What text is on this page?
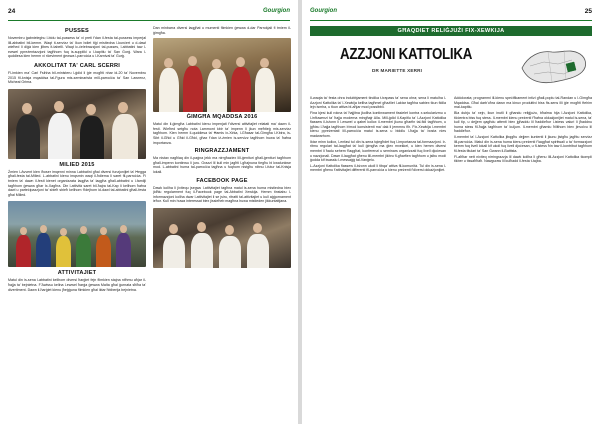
24	Gourgion
PUSSES

Novembru ġabnieleghu l-bidu tal-pussess ta' xi preti f'dan il-festa tal-pussess imperjal lill-abbatini bil-kemm. Waqt it-servizz ta' Ikun bdiet tiġi mistiedna l-kunċert u d-dawl wieħed li diġà kien jilbes it-tabelli. Waqt ic-ċelebrazzjoni tal-pusses, l-abbatini taw l-ewwel ppreżentazzjoni tagħhom fuq is-suppliki u l-kapitlu ta' San Ġorġ. Wara l-quddiesa kien hemm xi riċeviment ġewwa l-parroċċa u l-Karnival ta' Ġurġ.

AKKOLITAT TA' CARL SCERRI

Fl-imkien ma' Carl Fsihha bil-ministeru l-ġdid li ġie mogħti nhar id-20 ta' Novembru 2015 fil-knisja mqaddsa tal-Fgura mis-seminarista mill-parroċċa ta' San Lawrenz, Micheal Grima.

MILIED 2015

Żmien l-Avvent kien iħoser imqenni minna l-abbatini għal diversi funzjonijiet ta' Ħegga għall-festa tal-Milied. L-abbatini kienu imqsmin waqt il-ħdiema li saret fil-parroċċa. Fi tmiem ta' dawn il-festi kienet organizzata laqgħa ta' laqgħa għall-abbatini u l-familji tagħhom ġewwa għar Ix-Xagħra. Din l-attività saret bil-ħajra tal-Kap li kellhom ħafna dawl u parteċipazzjoni ta' sbieħ sbieħ kellhom f'idejhom id-dawl tal-abbatini għall-festa għal Milied.

ATTIVITAJIET

Matul din is-sena l-abbatini kellhom diversi ħarġiet fejn flimkien stajna nifhmu aħjar il-ħajja ta' bejnietna. F'Awissu kellna l-ewwel ħarġa ġewwa Malta għal ġurnata sħiħa ta' divertiment. Dawn il-ħarġiet kienu jħeġġuna flimkien għal iktar ħbiberija bejnietna.

Dan minbarra diversi laqgħat u mumenti flimkien ġewwa d-dar Parrokjali fi tmiem il-ġimgħa.

ĠIMGĦA MQADDSA 2016

Matul din il-ġimgħa l-abbatini kienu impenjati f'diversi attivitajiet relatati ma' dawn il-festi. Wieħed setgħu nota l-ammont kbir ta' impenn li jkun meħtieġ mis-servizz tagħhom. Kien hemm il-quddiesa ta' Ħamis ix-Xirka, l-Għasar tal-Ġimgħa l-Kbira, is-Sibt il-Għid u Għid il-Għid, għax f'dan iż-żmien is-servizz tagħhom huwa ta' ħafna importanza.

RINGRAZZJAMENT

Ma nistax nagħlaq din il-paġna jekk ma nirrgħaziex lill-ġenituri għall-ġenituri tagħhom għall-impenn kontinwu li juru. Grazzi lil kull min jagħti l-għajnuna tiegħu bi kwalunkwe mod. L-abbatini huma tal-parroċċa tagħna u fuqhom nistgħu nibnu l-futur tal-Knisja lokali.

FACEBOOK PAGE

Dawk kollha li jixtiequ jsegwu l-attivitajiet tagħna matul is-sena huma mistiedna biex jidħlu regolarment fuq il-Facebook page tal-Abbatini Xewkija. Hemm tinstabu l-informazzjoni kollha dwar l-attivitajiet li se jsiru, ritratti tal-attivitajiet u kull aġġornament ieħor. Kull min huwa interessat biex jissieħeb magħna huwa mistieden jikkuntattjana.

Gourgion	25
GĦAQDIET RELIĠJUŻI FIX-XEWKIJA
AZZJONI KATTOLIKA
DR MARIETTE XERRI

Il-waqta ta' festa ohra indubbjament tindika t-trapass ta' sena ohra; sena li matulha l-Azzjoni Kattolika ta' l-Xewkija kellha tagħmel għażliet l-aktar tagħha sabiex tkun fidila lejn ismha, u tkun attiva bl-aħjar mod possibbli.

Fina kjesi kull rokna ta' ħajjitna jkollha kontinwament tissielet kontra x-sekularizmu u l-influwenzi ta' ħajja moderna mingħajr Alla. Mill-ġdid il-Kapitlu ta' l-Azzjoni Kattolika flassew il-bżonn li l-ewwel u qabel kollox il-membri jkunu għarfin tal-fidi tagħhom, u jgħixu l-ħajja tagħhom b'mod konsistenti ma' dak li jemmnu fih. Fix-Xewkija l-membri kienu ppreżentati lill-parroċċa matul is-sena u biddlu l-ħajja ta' bosta nies madwarhom.

Iktar minn kollox, l-enfasi tul din is-sena tqiegħdet fuq l-importanza tal-formazzjoni. Ir-ritmu regolari tal-laqgħat ta' kull ġimgħa ma ġiex mxekkel, u kien hemm diversi membri li ħadu sehem f'laqgħat, konferenzi u seminars organizzati fuq livell djoċesan u nazzjonali. Dawn il-laqgħat għenu lill-membri jikbru fl-għarfien tagħhom u jsibu modi ġodda kif iwasslu l-messaġġ tal-Vanġelu.

L-Azzjoni Kattolika flassew il-bżonn ukoll li tibqa' attiva fil-komunità. Tul din is-sena l-membri għenu f'attivitajiet differenti fil-parroċċa u kienu preżenti f'diversi okkażjonijiet.

Addolorata; programmi ill-kienu speċifikament intizi għall-poplu tal-Randan u l-Ġimgħa Mqaddsa. Għal darb'oħra dawn ma kinux produttivi biss fis-sens illi ġie mogħti ftehim mal-kapitlu.

Bla dubju ta' xejn, ikun inutli li għandu reliġjużu, bħalma hija l-Azzjoni Kattolika, tiċċentra biss fuq stess. Il-membri kienu preżenti f'ħafna okkażjonijiet matul is-sena, ta' kull tip, u dejjem qagħdu attenti biex jgħaddu lil ħaddieħor l-istess valuri li jħaddnu huma stess fil-ħajja tagħhom ta' kuljum. Il-membri għamlu ħilithom biex jinvolvu lil ħaddieħor.

Il-membri ta' l-Azzjoni Kattolika jibqgħu dejjem kuntenti li jkunu jistgħu jagħtu servizz lill-parroċċa. Matul din is-sena huma kienu preżenti f'laqgħat spiritwali u ta' formazzjoni kemm fuq livell lokali kif ukoll fuq livell djoċesan, u fl-istess ħin taw il-kontribut tagħhom fil-festa titulari ta' San Ġwann il-Battista.

Fl-aħħar nett nixtieq nirringrazzja lil dawk kollha li għenu lill-Azzjoni Kattolika tkompli tikber u tissaħħaħ. Nawguraw lil kulħadd il-festa t-tajba.
